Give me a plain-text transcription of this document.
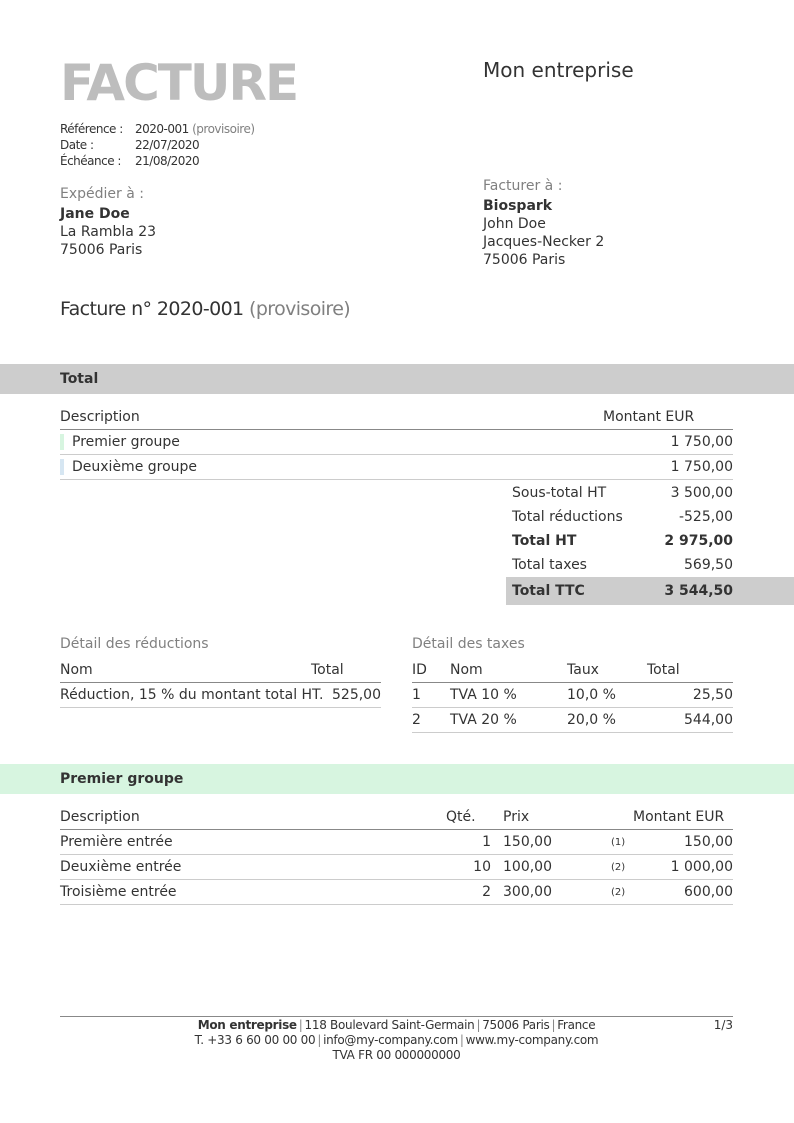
FACTURE	Mon entreprise
Référence :	2020-001
(provisoire)
Date :	22/07/2020
Échéance :	21/08/2020
Expédier à :
Jane Doe
La Rambla 23
75006 Paris
Facturer à :
Biospark
John Doe
Jacques-Necker 2
75006 Paris
Facture n° 2020-001 (provisoire)
Total
Description	Montant EUR

Premier groupe	1 750,00

Deuxième groupe	1 750,00
Sous-total HT	3 500,00
Total réductions	-525,00
Total HT	2 975,00
Total taxes	569,50
Total TTC	3 544,50
Détail des réductions
Nom	Total
Réduction, 15 % du montant total HT.	525,00
Détail des taxes
ID	Nom	Taux	Total
1	TVA 10 %	10,0 %	25,50
2	TVA 20 %	20,0 %	544,00
Premier groupe
Description	Qté.	Prix		Montant EUR
Première entrée	1	150,00	(1)	150,00
Deuxième entrée	10	100,00	(2)	1 000,00
Troisième entrée	2	300,00	(2)	600,00
Mon entreprise | 118 Boulevard Saint-Germain | 75006 Paris | France
T. +33 6 60 00 00 00 | info@my-company.com | www.my-company.com
TVA FR 00 000000000
1/3
